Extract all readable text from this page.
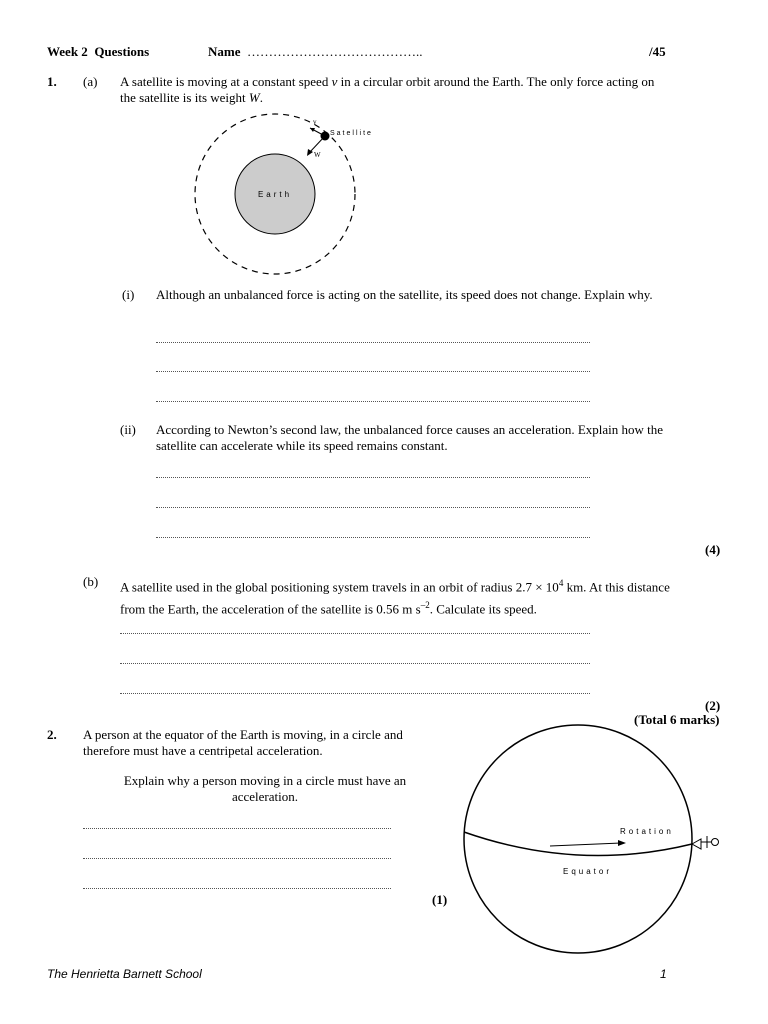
Week 2 Questions	Name …………………………………..	/45
1. (a) A satellite is moving at a constant speed v in a circular orbit around the Earth. The only force acting on the satellite is its weight W.

Earth
Satellite
v
W
(i) Although an unbalanced force is acting on the satellite, its speed does not change. Explain why.

(ii) According to Newton’s second law, the unbalanced force causes an acceleration. Explain how the satellite can accelerate while its speed remains constant.

(4)
(b) A satellite used in the global positioning system travels in an orbit of radius $2.7 \times 10^4$ km. At this distance from the Earth, the acceleration of the satellite is 0.56 m $s^{-2}$. Calculate its speed.

(2)
(Total 6 marks)
2. A person at the equator of the Earth is moving, in a circle and therefore must have a centripetal acceleration.

Explain why a person moving in a circle must have an acceleration.

(1)
Rotation
Equator
The Henrietta Barnett School	1
